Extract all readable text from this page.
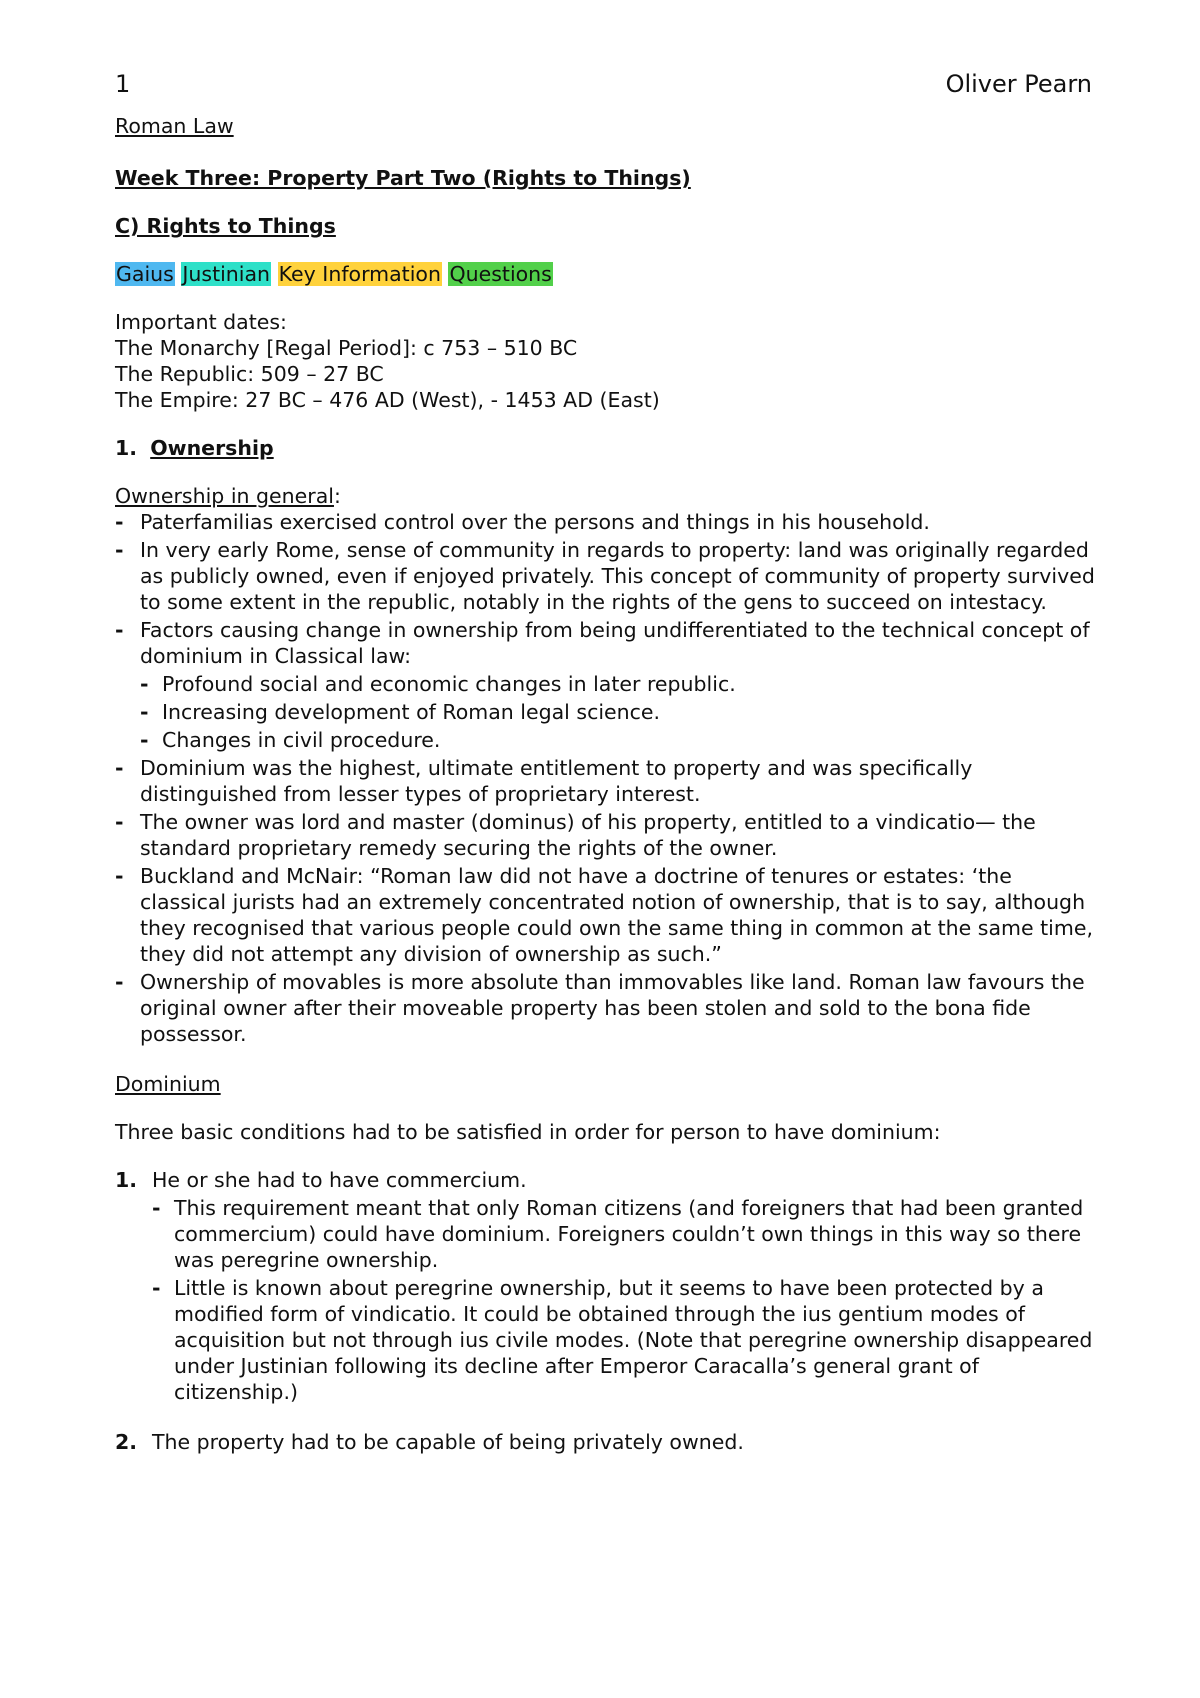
1	Oliver Pearn

Roman Law

Week Three: Property Part Two (Rights to Things)

C) Rights to Things

Gaius Justinian Key Information Questions

Important dates:
The Monarchy [Regal Period]: c 753 – 510 BC
The Republic: 509 – 27 BC
The Empire: 27 BC – 476 AD (West), - 1453 AD (East)

1. Ownership

Ownership in general:

- Paterfamilias exercised control over the persons and things in his household.
- In very early Rome, sense of community in regards to property: land was originally regarded as publicly owned, even if enjoyed privately. This concept of community of property survived to some extent in the republic, notably in the rights of the gens to succeed on intestacy.
- Factors causing change in ownership from being undifferentiated to the technical concept of dominium in Classical law:
- Profound social and economic changes in later republic.
- Increasing development of Roman legal science.
- Changes in civil procedure.
- Dominium was the highest, ultimate entitlement to property and was specifically distinguished from lesser types of proprietary interest.
- The owner was lord and master (dominus) of his property, entitled to a vindicatio— the standard proprietary remedy securing the rights of the owner.
- Buckland and McNair: “Roman law did not have a doctrine of tenures or estates: ‘the classical jurists had an extremely concentrated notion of ownership, that is to say, although they recognised that various people could own the same thing in common at the same time, they did not attempt any division of ownership as such.”
- Ownership of movables is more absolute than immovables like land. Roman law favours the original owner after their moveable property has been stolen and sold to the bona fide possessor.

Dominium

Three basic conditions had to be satisfied in order for person to have dominium:

1. He or she had to have commercium.
- This requirement meant that only Roman citizens (and foreigners that had been granted commercium) could have dominium. Foreigners couldn’t own things in this way so there was peregrine ownership.
- Little is known about peregrine ownership, but it seems to have been protected by a modified form of vindicatio. It could be obtained through the ius gentium modes of acquisition but not through ius civile modes. (Note that peregrine ownership disappeared under Justinian following its decline after Emperor Caracalla’s general grant of citizenship.)
2. The property had to be capable of being privately owned.
